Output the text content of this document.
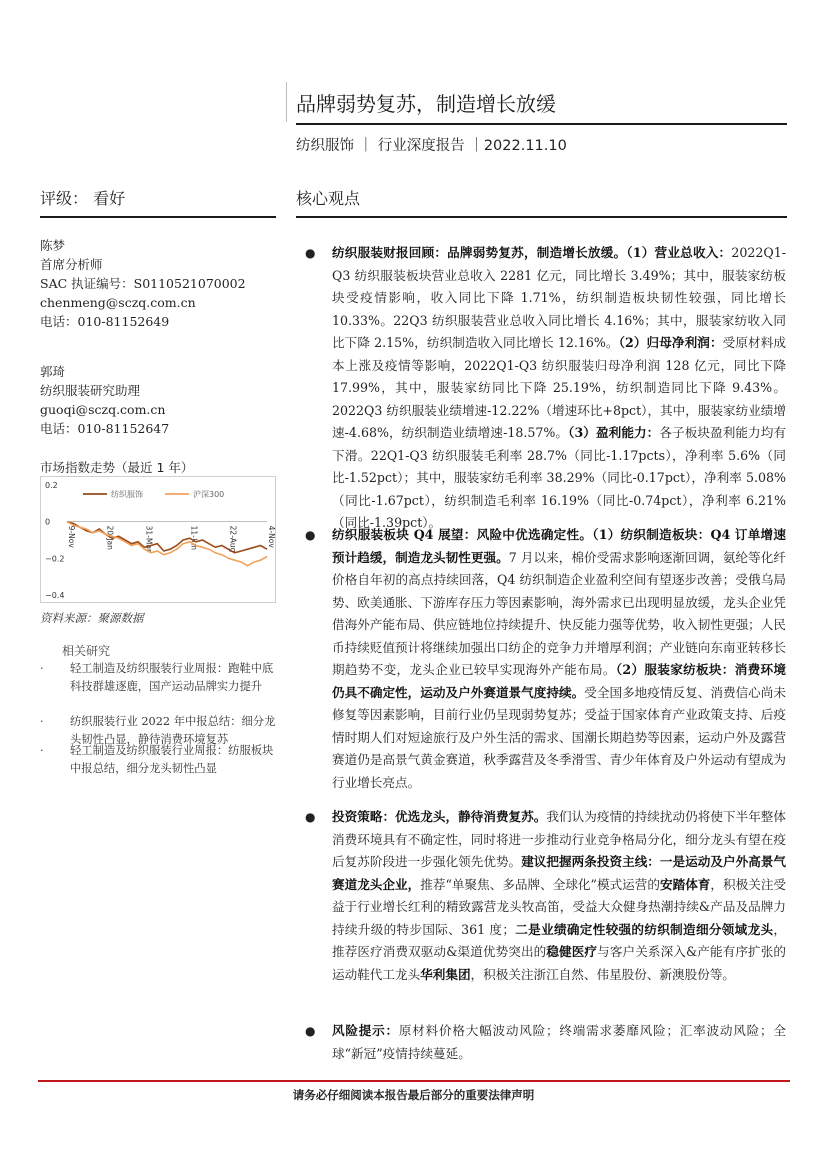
品牌弱势复苏，制造增长放缓
纺织服饰 ｜ 行业深度报告 ｜2022.11.10
评级： 看好
陈梦
首席分析师
SAC 执证编号：S0110521070002
chenmeng@sczq.com.cn
电话：010-81152649
郭琦
纺织服装研究助理
guoqi@sczq.com.cn
电话：010-81152647
市场指数走势（最近 1 年）
0.2
0
−0.2
−0.4
9-Nov	20-Jan	31-Mar	11-Jun	22-Aug	4-Nov
纺织服饰	沪深300
资料来源：聚源数据
相关研究
· 轻工制造及纺织服装行业周报：跑鞋中底科技群雄逐鹿，国产运动品牌实力提升
· 纺织服装行业 2022 年中报总结：细分龙头韧性凸显，静待消费环境复苏
· 轻工制造及纺织服装行业周报：纺服板块中报总结，细分龙头韧性凸显
核心观点
● 纺织服装财报回顾：品牌弱势复苏，制造增长放缓。（1）营业总收入：2022Q1-Q3 纺织服装板块营业总收入 2281 亿元，同比增长 3.49%；其中，服装家纺板块受疫情影响，收入同比下降 1.71%，纺织制造板块韧性较强，同比增长 10.33%。22Q3 纺织服装营业总收入同比增长 4.16%；其中，服装家纺收入同比下降 2.15%，纺织制造收入同比增长 12.16%。（2）归母净利润：受原材料成本上涨及疫情等影响，2022Q1-Q3 纺织服装归母净利润 128 亿元，同比下降 17.99%，其中，服装家纺同比下降 25.19%，纺织制造同比下降 9.43%。2022Q3 纺织服装业绩增速-12.22%（增速环比+8pct），其中，服装家纺业绩增速-4.68%，纺织制造业绩增速-18.57%。（3）盈利能力：各子板块盈利能力均有下滑。22Q1-Q3 纺织服装毛利率 28.7%（同比-1.17pcts），净利率 5.6%（同比-1.52pct）；其中，服装家纺毛利率 38.29%（同比-0.17pct），净利率 5.08%（同比-1.67pct），纺织制造毛利率 16.19%（同比-0.74pct），净利率 6.21%（同比-1.39pct）。
● 纺织服装板块 Q4 展望：风险中优选确定性。（1）纺织制造板块：Q4 订单增速预计趋缓，制造龙头韧性更强。7 月以来，棉价受需求影响逐渐回调，氨纶等化纤价格自年初的高点持续回落，Q4 纺织制造企业盈利空间有望逐步改善；受俄乌局势、欧美通胀、下游库存压力等因素影响，海外需求已出现明显放缓，龙头企业凭借海外产能布局、供应链地位持续提升、快反能力强等优势，收入韧性更强；人民币持续贬值预计将继续加强出口纺企的竞争力并增厚利润；产业链向东南亚转移长期趋势不变，龙头企业已较早实现海外产能布局。（2）服装家纺板块：消费环境仍具不确定性，运动及户外赛道景气度持续。受全国多地疫情反复、消费信心尚未修复等因素影响，目前行业仍呈现弱势复苏；受益于国家体育产业政策支持、后疫情时期人们对短途旅行及户外生活的需求、国潮长期趋势等因素，运动户外及露营赛道仍是高景气黄金赛道，秋季露营及冬季滑雪、青少年体育及户外运动有望成为行业增长亮点。
● 投资策略：优选龙头，静待消费复苏。我们认为疫情的持续扰动仍将使下半年整体消费环境具有不确定性，同时将进一步推动行业竞争格局分化，细分龙头有望在疫后复苏阶段进一步强化领先优势。建议把握两条投资主线：一是运动及户外高景气赛道龙头企业，推荐“单聚焦、多品牌、全球化”模式运营的安踏体育，积极关注受益于行业增长红利的精致露营龙头牧高笛，受益大众健身热潮持续&产品及品牌力持续升级的特步国际、361 度；二是业绩确定性较强的纺织制造细分领域龙头，推荐医疗消费双驱动&渠道优势突出的稳健医疗与客户关系深入&产能有序扩张的运动鞋代工龙头华利集团，积极关注浙江自然、伟星股份、新澳股份等。
● 风险提示：原材料价格大幅波动风险；终端需求萎靡风险；汇率波动风险；全球“新冠”疫情持续蔓延。
请务必仔细阅读本报告最后部分的重要法律声明
